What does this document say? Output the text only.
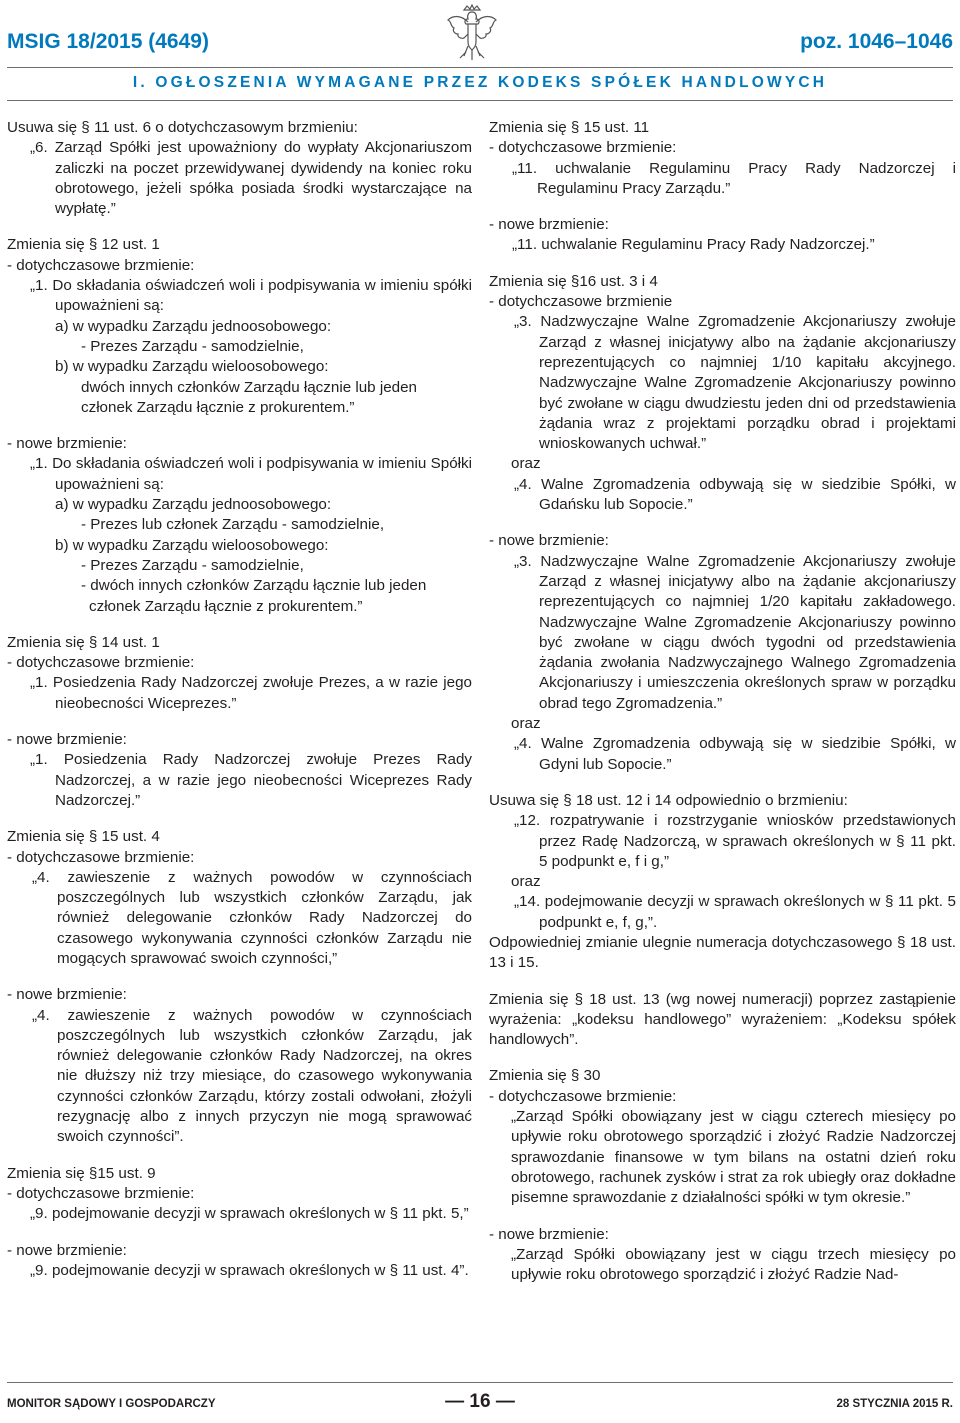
MSIG 18/2015 (4649)	poz. 1046–1046
I. OGŁOSZENIA WYMAGANE PRZEZ KODEKS SPÓŁEK HANDLOWYCH

Usuwa się § 11 ust. 6 o dotychczasowym brzmieniu:

„6. Zarząd Spółki jest upoważniony do wypłaty Akcjonariuszom zaliczki na poczet przewidywanej dywidendy na koniec roku obrotowego, jeżeli spółka posiada środki wystarczające na wypłatę.”

Zmienia się § 12 ust. 1

- dotychczasowe brzmienie:

„1. Do składania oświadczeń woli i podpisywania w imieniu spółki upoważnieni są:

a) w wypadku Zarządu jednoosobowego:

- Prezes Zarządu - samodzielnie,

b) w wypadku Zarządu wieloosobowego:

dwóch innych członków Zarządu łącznie lub jeden członek Zarządu łącznie z prokurentem.”

- nowe brzmienie:

„1. Do składania oświadczeń woli i podpisywania w imieniu Spółki upoważnieni są:

a) w wypadku Zarządu jednoosobowego:

- Prezes lub członek Zarządu - samodzielnie,

b) w wypadku Zarządu wieloosobowego:

- Prezes Zarządu - samodzielnie,

- dwóch innych członków Zarządu łącznie lub jeden członek Zarządu łącznie z prokurentem.”

Zmienia się § 14 ust. 1

- dotychczasowe brzmienie:

„1. Posiedzenia Rady Nadzorczej zwołuje Prezes, a w razie jego nieobecności Wiceprezes.”

- nowe brzmienie:

„1. Posiedzenia Rady Nadzorczej zwołuje Prezes Rady Nadzorczej, a w razie jego nieobecności Wiceprezes Rady Nadzorczej.”

Zmienia się § 15 ust. 4

- dotychczasowe brzmienie:

„4. zawieszenie z ważnych powodów w czynnościach poszczególnych lub wszystkich członków Zarządu, jak również delegowanie członków Rady Nadzorczej do czasowego wykonywania czynności członków Zarządu nie mogących sprawować swoich czynności,”

- nowe brzmienie:

„4. zawieszenie z ważnych powodów w czynnościach poszczególnych lub wszystkich członków Zarządu, jak również delegowanie członków Rady Nadzorczej, na okres nie dłuższy niż trzy miesiące, do czasowego wykonywania czynności członków Zarządu, którzy zostali odwołani, złożyli rezygnację albo z innych przyczyn nie mogą sprawować swoich czynności”.

Zmienia się §15 ust. 9

- dotychczasowe brzmienie:

„9. podejmowanie decyzji w sprawach określonych w § 11 pkt. 5,”

- nowe brzmienie:

„9. podejmowanie decyzji w sprawach określonych w § 11 ust. 4”.

Zmienia się § 15 ust. 11

- dotychczasowe brzmienie:

„11. uchwalanie Regulaminu Pracy Rady Nadzorczej i Regulaminu Pracy Zarządu.”

- nowe brzmienie:

„11. uchwalanie Regulaminu Pracy Rady Nadzorczej.”

Zmienia się §16 ust. 3 i 4

- dotychczasowe brzmienie

„3. Nadzwyczajne Walne Zgromadzenie Akcjonariuszy zwołuje Zarząd z własnej inicjatywy albo na żądanie akcjonariuszy reprezentujących co najmniej 1/10 kapitału akcyjnego. Nadzwyczajne Walne Zgromadzenie Akcjonariuszy powinno być zwołane w ciągu dwudziestu jeden dni od przedstawienia żądania wraz z projektami porządku obrad i projektami wnioskowanych uchwał.”

oraz

„4. Walne Zgromadzenia odbywają się w siedzibie Spółki, w Gdańsku lub Sopocie.”

- nowe brzmienie:

„3. Nadzwyczajne Walne Zgromadzenie Akcjonariuszy zwołuje Zarząd z własnej inicjatywy albo na żądanie akcjonariuszy reprezentujących co najmniej 1/20 kapitału zakładowego. Nadzwyczajne Walne Zgromadzenie Akcjonariuszy powinno być zwołane w ciągu dwóch tygodni od przedstawienia żądania zwołania Nadzwyczajnego Walnego Zgromadzenia Akcjonariuszy i umieszczenia określonych spraw w porządku obrad tego Zgromadzenia.”

oraz

„4. Walne Zgromadzenia odbywają się w siedzibie Spółki, w Gdyni lub Sopocie.”

Usuwa się § 18 ust. 12 i 14 odpowiednio o brzmieniu:

„12. rozpatrywanie i rozstrzyganie wniosków przedstawionych przez Radę Nadzorczą, w sprawach określonych w § 11 pkt. 5 podpunkt e, f i g,”

oraz

„14. podejmowanie decyzji w sprawach określonych w § 11 pkt. 5 podpunkt e, f, g,”.

Odpowiedniej zmianie ulegnie numeracja dotychczasowego § 18 ust. 13 i 15.

Zmienia się § 18 ust. 13 (wg nowej numeracji) poprzez zastąpienie wyrażenia: „kodeksu handlowego” wyrażeniem: „Kodeksu spółek handlowych”.

Zmienia się § 30

- dotychczasowe brzmienie:

„Zarząd Spółki obowiązany jest w ciągu czterech miesięcy po upływie roku obrotowego sporządzić i złożyć Radzie Nadzorczej sprawozdanie finansowe w tym bilans na ostatni dzień roku obrotowego, rachunek zysków i strat za rok ubiegły oraz dokładne pisemne sprawozdanie z działalności spółki w tym okresie.”

- nowe brzmienie:

„Zarząd Spółki obowiązany jest w ciągu trzech miesięcy po upływie roku obrotowego sporządzić i złożyć Radzie Nad-

MONITOR SĄDOWY I GOSPODARCZY	— 16 —	28 STYCZNIA 2015 R.
